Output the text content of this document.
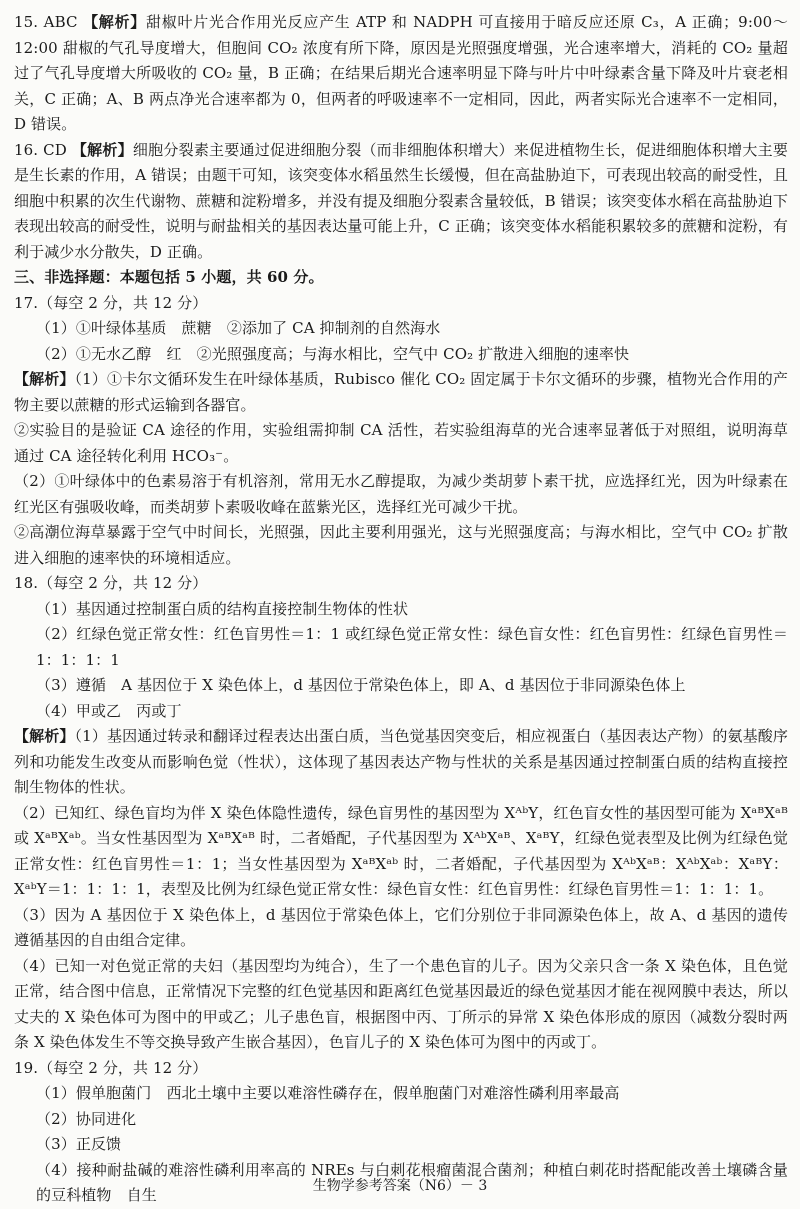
15. ABC 【解析】甜椒叶片光合作用光反应产生 ATP 和 NADPH 可直接用于暗反应还原 C₃，A 正确；9:00～12:00 甜椒的气孔导度增大，但胞间 CO₂ 浓度有所下降，原因是光照强度增强，光合速率增大，消耗的 CO₂ 量超过了气孔导度增大所吸收的 CO₂ 量，B 正确；在结果后期光合速率明显下降与叶片中叶绿素含量下降及叶片衰老相关，C 正确；A、B 两点净光合速率都为 0，但两者的呼吸速率不一定相同，因此，两者实际光合速率不一定相同，D 错误。

16. CD 【解析】细胞分裂素主要通过促进细胞分裂（而非细胞体积增大）来促进植物生长，促进细胞体积增大主要是生长素的作用，A 错误；由题干可知，该突变体水稻虽然生长缓慢，但在高盐胁迫下，可表现出较高的耐受性，且细胞中积累的次生代谢物、蔗糖和淀粉增多，并没有提及细胞分裂素含量较低，B 错误；该突变体水稻在高盐胁迫下表现出较高的耐受性，说明与耐盐相关的基因表达量可能上升，C 正确；该突变体水稻能积累较多的蔗糖和淀粉，有利于减少水分散失，D 正确。

三、非选择题：本题包括 5 小题，共 60 分。

17.（每空 2 分，共 12 分）

（1）①叶绿体基质　蔗糖　②添加了 CA 抑制剂的自然海水

（2）①无水乙醇　红　②光照强度高；与海水相比，空气中 CO₂ 扩散进入细胞的速率快

【解析】（1）①卡尔文循环发生在叶绿体基质，Rubisco 催化 CO₂ 固定属于卡尔文循环的步骤，植物光合作用的产物主要以蔗糖的形式运输到各器官。

②实验目的是验证 CA 途径的作用，实验组需抑制 CA 活性，若实验组海草的光合速率显著低于对照组，说明海草通过 CA 途径转化利用 HCO₃⁻。

（2）①叶绿体中的色素易溶于有机溶剂，常用无水乙醇提取，为减少类胡萝卜素干扰，应选择红光，因为叶绿素在红光区有强吸收峰，而类胡萝卜素吸收峰在蓝紫光区，选择红光可减少干扰。

②高潮位海草暴露于空气中时间长，光照强，因此主要利用强光，这与光照强度高；与海水相比，空气中 CO₂ 扩散进入细胞的速率快的环境相适应。

18.（每空 2 分，共 12 分）

（1）基因通过控制蛋白质的结构直接控制生物体的性状

（2）红绿色觉正常女性：红色盲男性＝1：1 或红绿色觉正常女性：绿色盲女性：红色盲男性：红绿色盲男性＝1：1：1：1

（3）遵循　A 基因位于 X 染色体上，d 基因位于常染色体上，即 A、d 基因位于非同源染色体上

（4）甲或乙　丙或丁

【解析】（1）基因通过转录和翻译过程表达出蛋白质，当色觉基因突变后，相应视蛋白（基因表达产物）的氨基酸序列和功能发生改变从而影响色觉（性状），这体现了基因表达产物与性状的关系是基因通过控制蛋白质的结构直接控制生物体的性状。

（2）已知红、绿色盲均为伴 X 染色体隐性遗传，绿色盲男性的基因型为 XᴬᵇY，红色盲女性的基因型可能为 XᵃᴮXᵃᴮ 或 XᵃᴮXᵃᵇ。当女性基因型为 XᵃᴮXᵃᴮ 时，二者婚配，子代基因型为 XᴬᵇXᵃᴮ、XᵃᴮY，红绿色觉表型及比例为红绿色觉正常女性：红色盲男性＝1：1；当女性基因型为 XᵃᴮXᵃᵇ 时，二者婚配，子代基因型为 XᴬᵇXᵃᴮ：XᴬᵇXᵃᵇ：XᵃᴮY：XᵃᵇY＝1：1：1：1，表型及比例为红绿色觉正常女性：绿色盲女性：红色盲男性：红绿色盲男性＝1：1：1：1。

（3）因为 A 基因位于 X 染色体上，d 基因位于常染色体上，它们分别位于非同源染色体上，故 A、d 基因的遗传遵循基因的自由组合定律。

（4）已知一对色觉正常的夫妇（基因型均为纯合），生了一个患色盲的儿子。因为父亲只含一条 X 染色体，且色觉正常，结合图中信息，正常情况下完整的红色觉基因和距离红色觉基因最近的绿色觉基因才能在视网膜中表达，所以丈夫的 X 染色体可为图中的甲或乙；儿子患色盲，根据图中丙、丁所示的异常 X 染色体形成的原因（减数分裂时两条 X 染色体发生不等交换导致产生嵌合基因），色盲儿子的 X 染色体可为图中的丙或丁。

19.（每空 2 分，共 12 分）

（1）假单胞菌门　西北土壤中主要以难溶性磷存在，假单胞菌门对难溶性磷利用率最高

（2）协同进化

（3）正反馈

（4）接种耐盐碱的难溶性磷利用率高的 NREs 与白刺花根瘤菌混合菌剂；种植白刺花时搭配能改善土壤磷含量的豆科植物　自生	生物学参考答案（N6）－ 3
